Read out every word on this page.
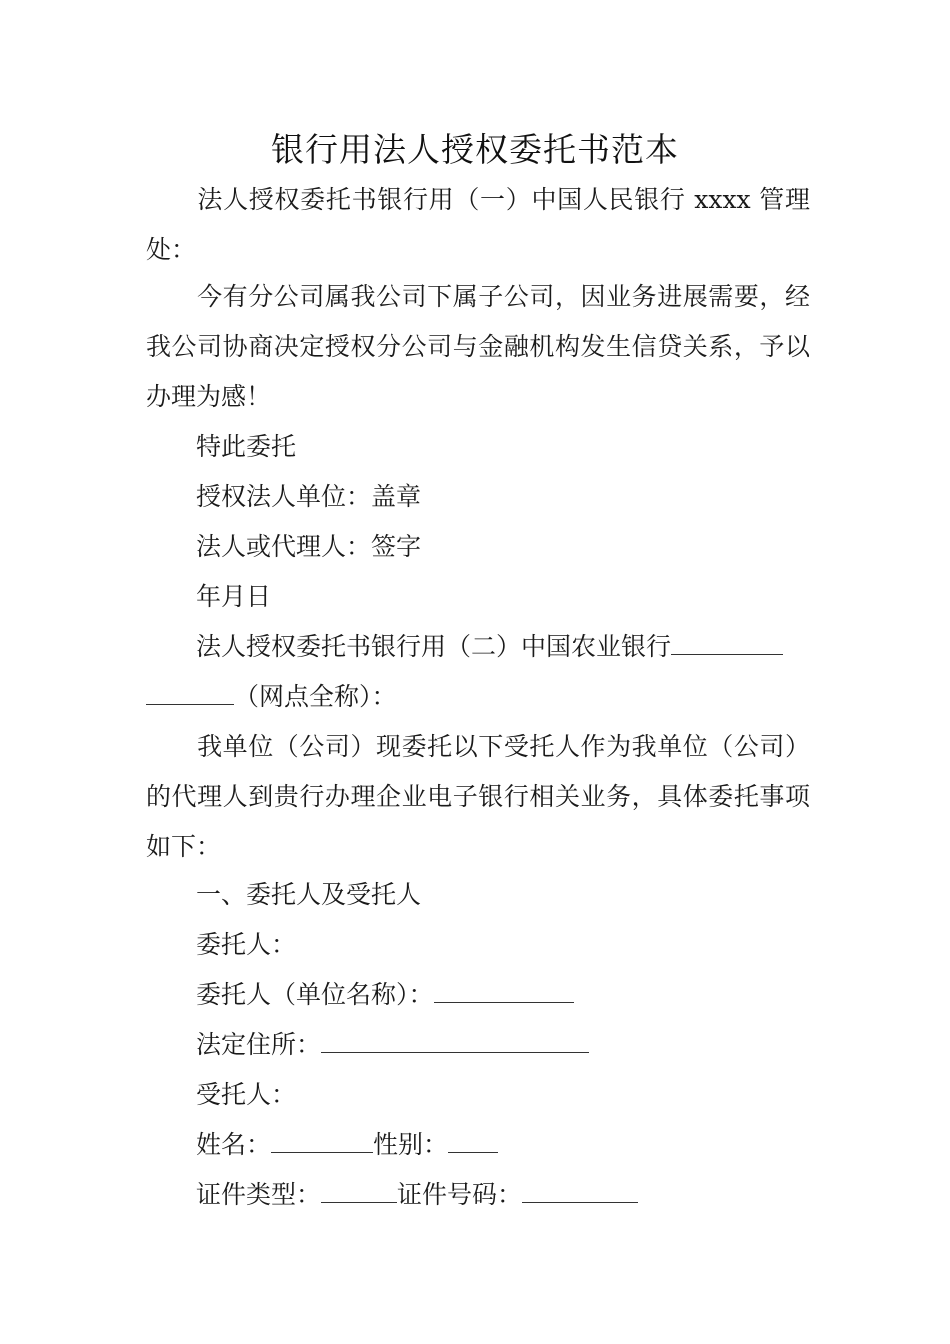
银行用法人授权委托书范本
　　法人授权委托书银行用（一）中国人民银行 xxxx 管理处：
　　今有分公司属我公司下属子公司，因业务进展需要，经我公司协商决定授权分公司与金融机构发生信贷关系，予以办理为感！
特此委托
授权法人单位：盖章
法人或代理人：签字
年月日
　　法人授权委托书银行用（二）中国农业银行
（网点全称）：
　　我单位（公司）现委托以下受托人作为我单位（公司）的代理人到贵行办理企业电子银行相关业务，具体委托事项如下：
一、委托人及受托人
委托人：
委托人（单位名称）：
法定住所：
受托人：
姓名：	性别：
证件类型：	证件号码：
